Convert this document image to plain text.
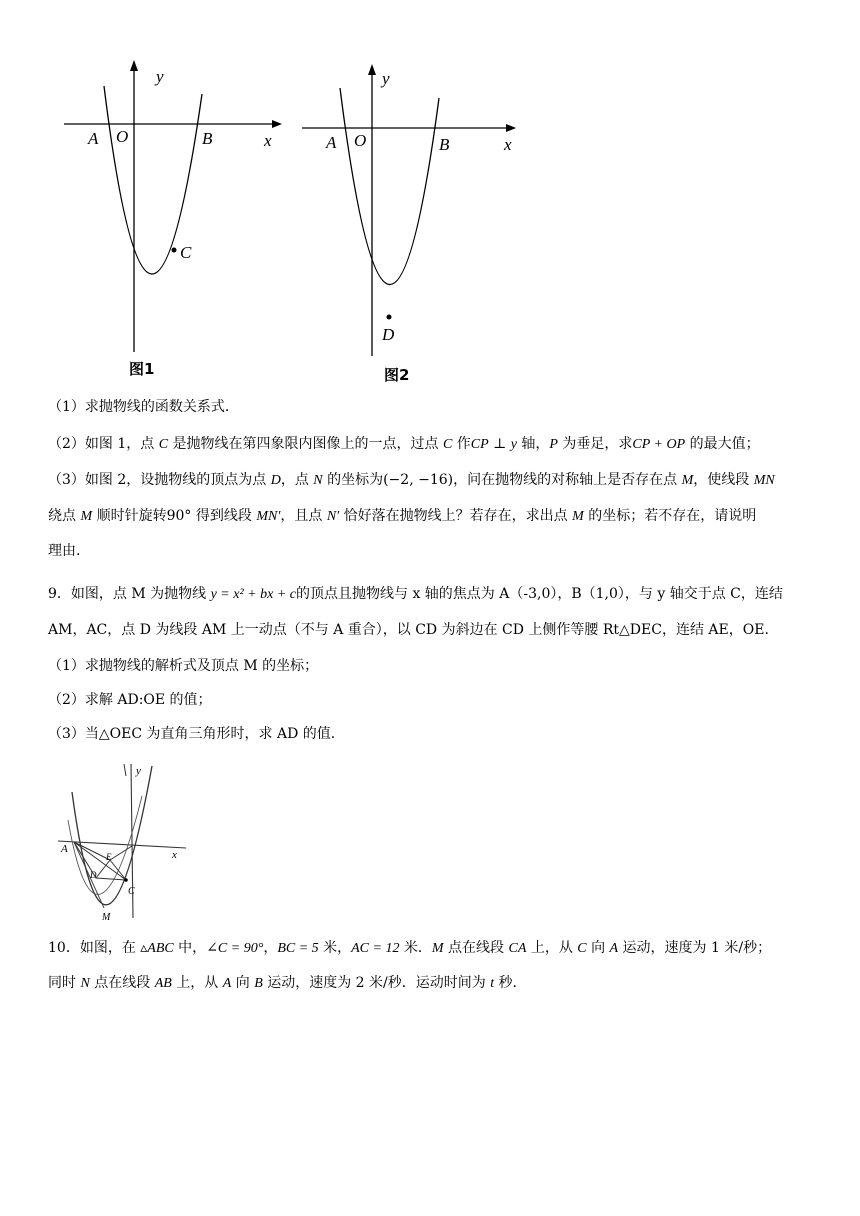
y
x
A O	B
C
图1
y
x
A O	B
D
图2
（1）求抛物线的函数关系式.
（2）如图 1，点 C 是抛物线在第四象限内图像上的一点，过点 C 作CP ⊥ y 轴，P 为垂足，求CP + OP 的最大值；
（3）如图 2，设抛物线的顶点为点 D，点 N 的坐标为(−2, −16)，问在抛物线的对称轴上是否存在点 M，使线段 MN
绕点 M 顺时针旋转90° 得到线段 MN′，且点 N′ 恰好落在抛物线上？若存在，求出点 M 的坐标；若不存在，请说明
理由.
9．如图，点 M 为抛物线 y = x² + bx + c的顶点且抛物线与 x 轴的焦点为 A（-3,0），B（1,0），与 y 轴交于点 C，连结
AM，AC，点 D 为线段 AM 上一动点（不与 A 重合），以 CD 为斜边在 CD 上侧作等腰 Rt△DEC，连结 AE，OE.
（1）求抛物线的解析式及顶点 M 的坐标；
（2）求解 AD:OE 的值；
（3）当△OEC 为直角三角形时，求 AD 的值.
A
y
x
E
D
C
M
10．如图，在 ▵ABC 中，∠C = 90°，BC = 5 米，AC = 12 米．M 点在线段 CA 上，从 C 向 A 运动，速度为 1 米/秒；
同时 N 点在线段 AB 上，从 A 向 B 运动，速度为 2 米/秒．运动时间为 t 秒.
